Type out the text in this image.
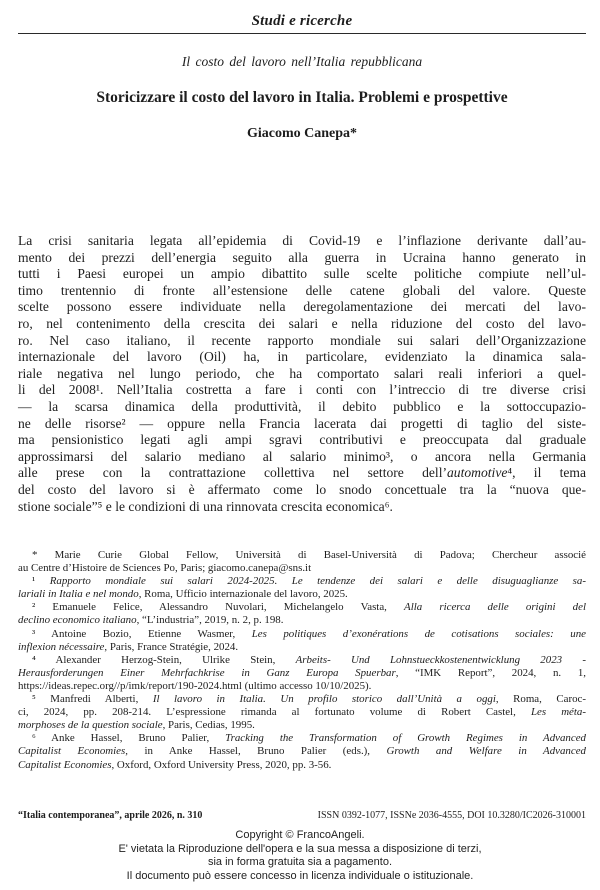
Studi e ricerche
Il costo del lavoro nell’Italia repubblicana
Storicizzare il costo del lavoro in Italia. Problemi e prospettive
Giacomo Canepa*
La crisi sanitaria legata all’epidemia di Covid-19 e l’inflazione derivante dall’au-
mento dei prezzi dell’energia seguito alla guerra in Ucraina hanno generato in
tutti i Paesi europei un ampio dibattito sulle scelte politiche compiute nell’ul-
timo trentennio di fronte all’estensione delle catene globali del valore. Queste
scelte possono essere individuate nella deregolamentazione dei mercati del lavo-
ro, nel contenimento della crescita dei salari e nella riduzione del costo del lavo-
ro. Nel caso italiano, il recente rapporto mondiale sui salari dell’Organizzazione
internazionale del lavoro (Oil) ha, in particolare, evidenziato la dinamica sala-
riale negativa nel lungo periodo, che ha comportato salari reali inferiori a quel-
li del 2008¹. Nell’Italia costretta a fare i conti con l’intreccio di tre diverse crisi
— la scarsa dinamica della produttività, il debito pubblico e la sottoccupazio-
ne delle risorse² — oppure nella Francia lacerata dai progetti di taglio del siste-
ma pensionistico legati agli ampi sgravi contributivi e preoccupata dal graduale
approssimarsi del salario mediano al salario minimo³, o ancora nella Germania
alle prese con la contrattazione collettiva nel settore dell’automotive⁴, il tema
del costo del lavoro si è affermato come lo snodo concettuale tra la “nuova que-
stione sociale”⁵ e le condizioni di una rinnovata crescita economica⁶.
* Marie Curie Global Fellow, Università di Basel-Università di Padova; Chercheur associé
au Centre d’Histoire de Sciences Po, Paris; giacomo.canepa@sns.it
¹ Rapporto mondiale sui salari 2024-2025. Le tendenze dei salari e delle disuguaglianze sa-
lariali in Italia e nel mondo, Roma, Ufficio internazionale del lavoro, 2025.
² Emanuele Felice, Alessandro Nuvolari, Michelangelo Vasta, Alla ricerca delle origini del
declino economico italiano, “L’industria”, 2019, n. 2, p. 198.
³ Antoine Bozio, Etienne Wasmer, Les politiques d’exonérations de cotisations sociales: une
inflexion nécessaire, Paris, France Stratégie, 2024.
⁴ Alexander Herzog-Stein, Ulrike Stein, Arbeits- Und Lohnstueckkostenentwicklung 2023 -
Herausforderungen Einer Mehrfachkrise in Ganz Europa Spuerbar, “IMK Report”, 2024, n. 1,
https://ideas.repec.org//p/imk/report/190-2024.html (ultimo accesso 10/10/2025).
⁵ Manfredi Alberti, Il lavoro in Italia. Un profilo storico dall’Unità a oggi, Roma, Caroc-
ci, 2024, pp. 208-214. L’espressione rimanda al fortunato volume di Robert Castel, Les méta-
morphoses de la question sociale, Paris, Cedias, 1995.
⁶ Anke Hassel, Bruno Palier, Tracking the Transformation of Growth Regimes in Advanced
Capitalist Economies, in Anke Hassel, Bruno Palier (eds.), Growth and Welfare in Advanced
Capitalist Economies, Oxford, Oxford University Press, 2020, pp. 3-56.
“Italia contemporanea”, aprile 2026, n. 310	ISSN 0392-1077, ISSNe 2036-4555, DOI 10.3280/IC2026-310001
Copyright © FrancoAngeli.
E' vietata la Riproduzione dell'opera e la sua messa a disposizione di terzi,
sia in forma gratuita sia a pagamento.
Il documento può essere concesso in licenza individuale o istituzionale.
